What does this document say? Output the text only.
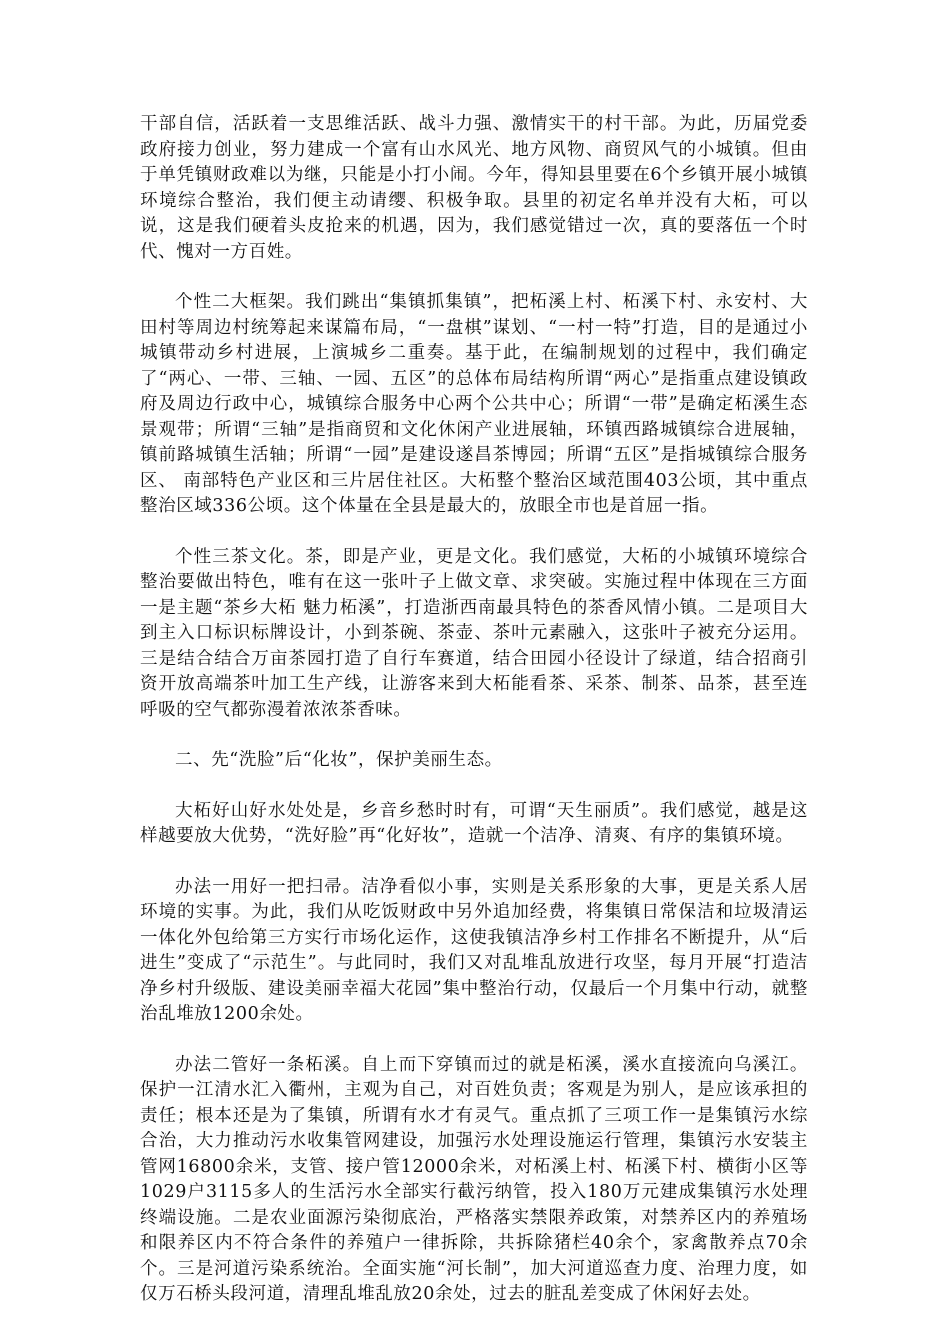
干部自信，活跃着一支思维活跃、战斗力强、激情实干的村干部。为此，历届党委政府接力创业，努力建成一个富有山水风光、地方风物、商贸风气的小城镇。但由于单凭镇财政难以为继，只能是小打小闹。今年，得知县里要在6个乡镇开展小城镇环境综合整治，我们便主动请缨、积极争取。县里的初定名单并没有大柘，可以说，这是我们硬着头皮抢来的机遇，因为，我们感觉错过一次，真的要落伍一个时代、愧对一方百姓。

个性二大框架。我们跳出“集镇抓集镇”，把柘溪上村、柘溪下村、永安村、大田村等周边村统筹起来谋篇布局，“一盘棋”谋划、“一村一特”打造，目的是通过小城镇带动乡村进展，上演城乡二重奏。基于此，在编制规划的过程中，我们确定了“两心、一带、三轴、一园、五区”的总体布局结构所谓“两心”是指重点建设镇政府及周边行政中心，城镇综合服务中心两个公共中心；所谓“一带”是确定柘溪生态景观带；所谓“三轴”是指商贸和文化休闲产业进展轴，环镇西路城镇综合进展轴，镇前路城镇生活轴；所谓“一园”是建设遂昌茶博园；所谓“五区”是指城镇综合服务区、 南部特色产业区和三片居住社区。大柘整个整治区域范围403公顷，其中重点整治区域336公顷。这个体量在全县是最大的，放眼全市也是首屈一指。

个性三茶文化。茶，即是产业，更是文化。我们感觉，大柘的小城镇环境综合整治要做出特色，唯有在这一张叶子上做文章、求突破。实施过程中体现在三方面一是主题“茶乡大柘 魅力柘溪”，打造浙西南最具特色的茶香风情小镇。二是项目大到主入口标识标牌设计，小到茶碗、茶壶、茶叶元素融入，这张叶子被充分运用。三是结合结合万亩茶园打造了自行车赛道，结合田园小径设计了绿道，结合招商引资开放高端茶叶加工生产线，让游客来到大柘能看茶、采茶、制茶、品茶，甚至连呼吸的空气都弥漫着浓浓茶香味。

二、先“洗脸”后“化妆”，保护美丽生态。

大柘好山好水处处是，乡音乡愁时时有，可谓“天生丽质”。我们感觉，越是这样越要放大优势，“洗好脸”再“化好妆”，造就一个洁净、清爽、有序的集镇环境。

办法一用好一把扫帚。洁净看似小事，实则是关系形象的大事，更是关系人居环境的实事。为此，我们从吃饭财政中另外追加经费，将集镇日常保洁和垃圾清运一体化外包给第三方实行市场化运作，这使我镇洁净乡村工作排名不断提升，从“后进生”变成了“示范生”。与此同时，我们又对乱堆乱放进行攻坚，每月开展“打造洁净乡村升级版、建设美丽幸福大花园”集中整治行动，仅最后一个月集中行动，就整治乱堆放1200余处。

办法二管好一条柘溪。自上而下穿镇而过的就是柘溪，溪水直接流向乌溪江。保护一江清水汇入衢州，主观为自己，对百姓负责；客观是为别人，是应该承担的责任；根本还是为了集镇，所谓有水才有灵气。重点抓了三项工作一是集镇污水综合治，大力推动污水收集管网建设，加强污水处理设施运行管理，集镇污水安装主管网16800余米，支管、接户管12000余米，对柘溪上村、柘溪下村、横街小区等1029户3115多人的生活污水全部实行截污纳管，投入180万元建成集镇污水处理终端设施。二是农业面源污染彻底治，严格落实禁限养政策，对禁养区内的养殖场和限养区内不符合条件的养殖户一律拆除，共拆除猪栏40余个，家禽散养点70余个。三是河道污染系统治。全面实施“河长制”，加大河道巡查力度、治理力度，如仅万石桥头段河道，清理乱堆乱放20余处，过去的脏乱差变成了休闲好去处。
